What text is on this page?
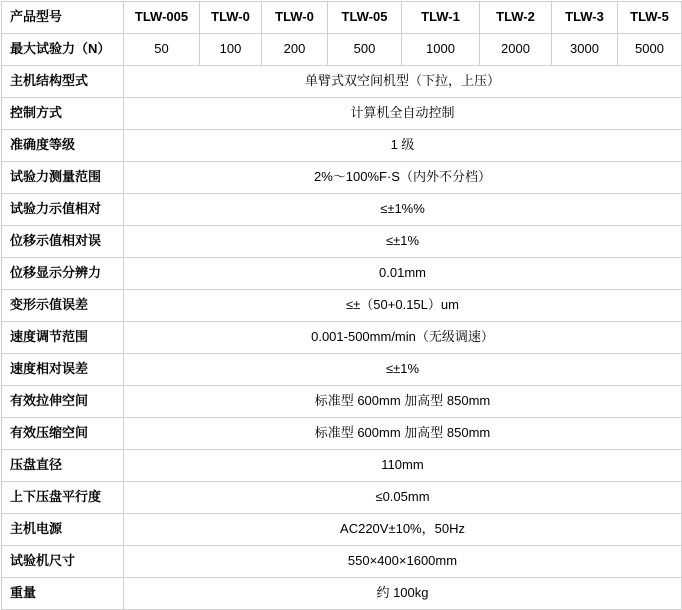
产品型号	TLW-005	TLW-0	TLW-0	TLW-05	TLW-1	TLW-2	TLW-3	TLW-5
最大试验力（N）	50	100	200	500	1000	2000	3000	5000
主机结构型式	单臂式双空间机型（下拉，上压）							
控制方式	计算机全自动控制							
准确度等级	1 级							
试验力测量范围	2%～100%F·S（内外不分档）							
试验力示值相对	≤±1%%							
位移示值相对误	≤±1%							
位移显示分辨力	0.01mm							
变形示值误差	≤±（50+0.15L）um							
速度调节范围	0.001-500mm/min（无级调速）							
速度相对误差	≤±1%							
有效拉伸空间	标准型 600mm 加高型 850mm							
有效压缩空间	标准型 600mm 加高型 850mm							
压盘直径	110mm							
上下压盘平行度	≤0.05mm							
主机电源	AC220V±10%，50Hz							
试验机尺寸	550×400×1600mm							
重量	约 100kg							
